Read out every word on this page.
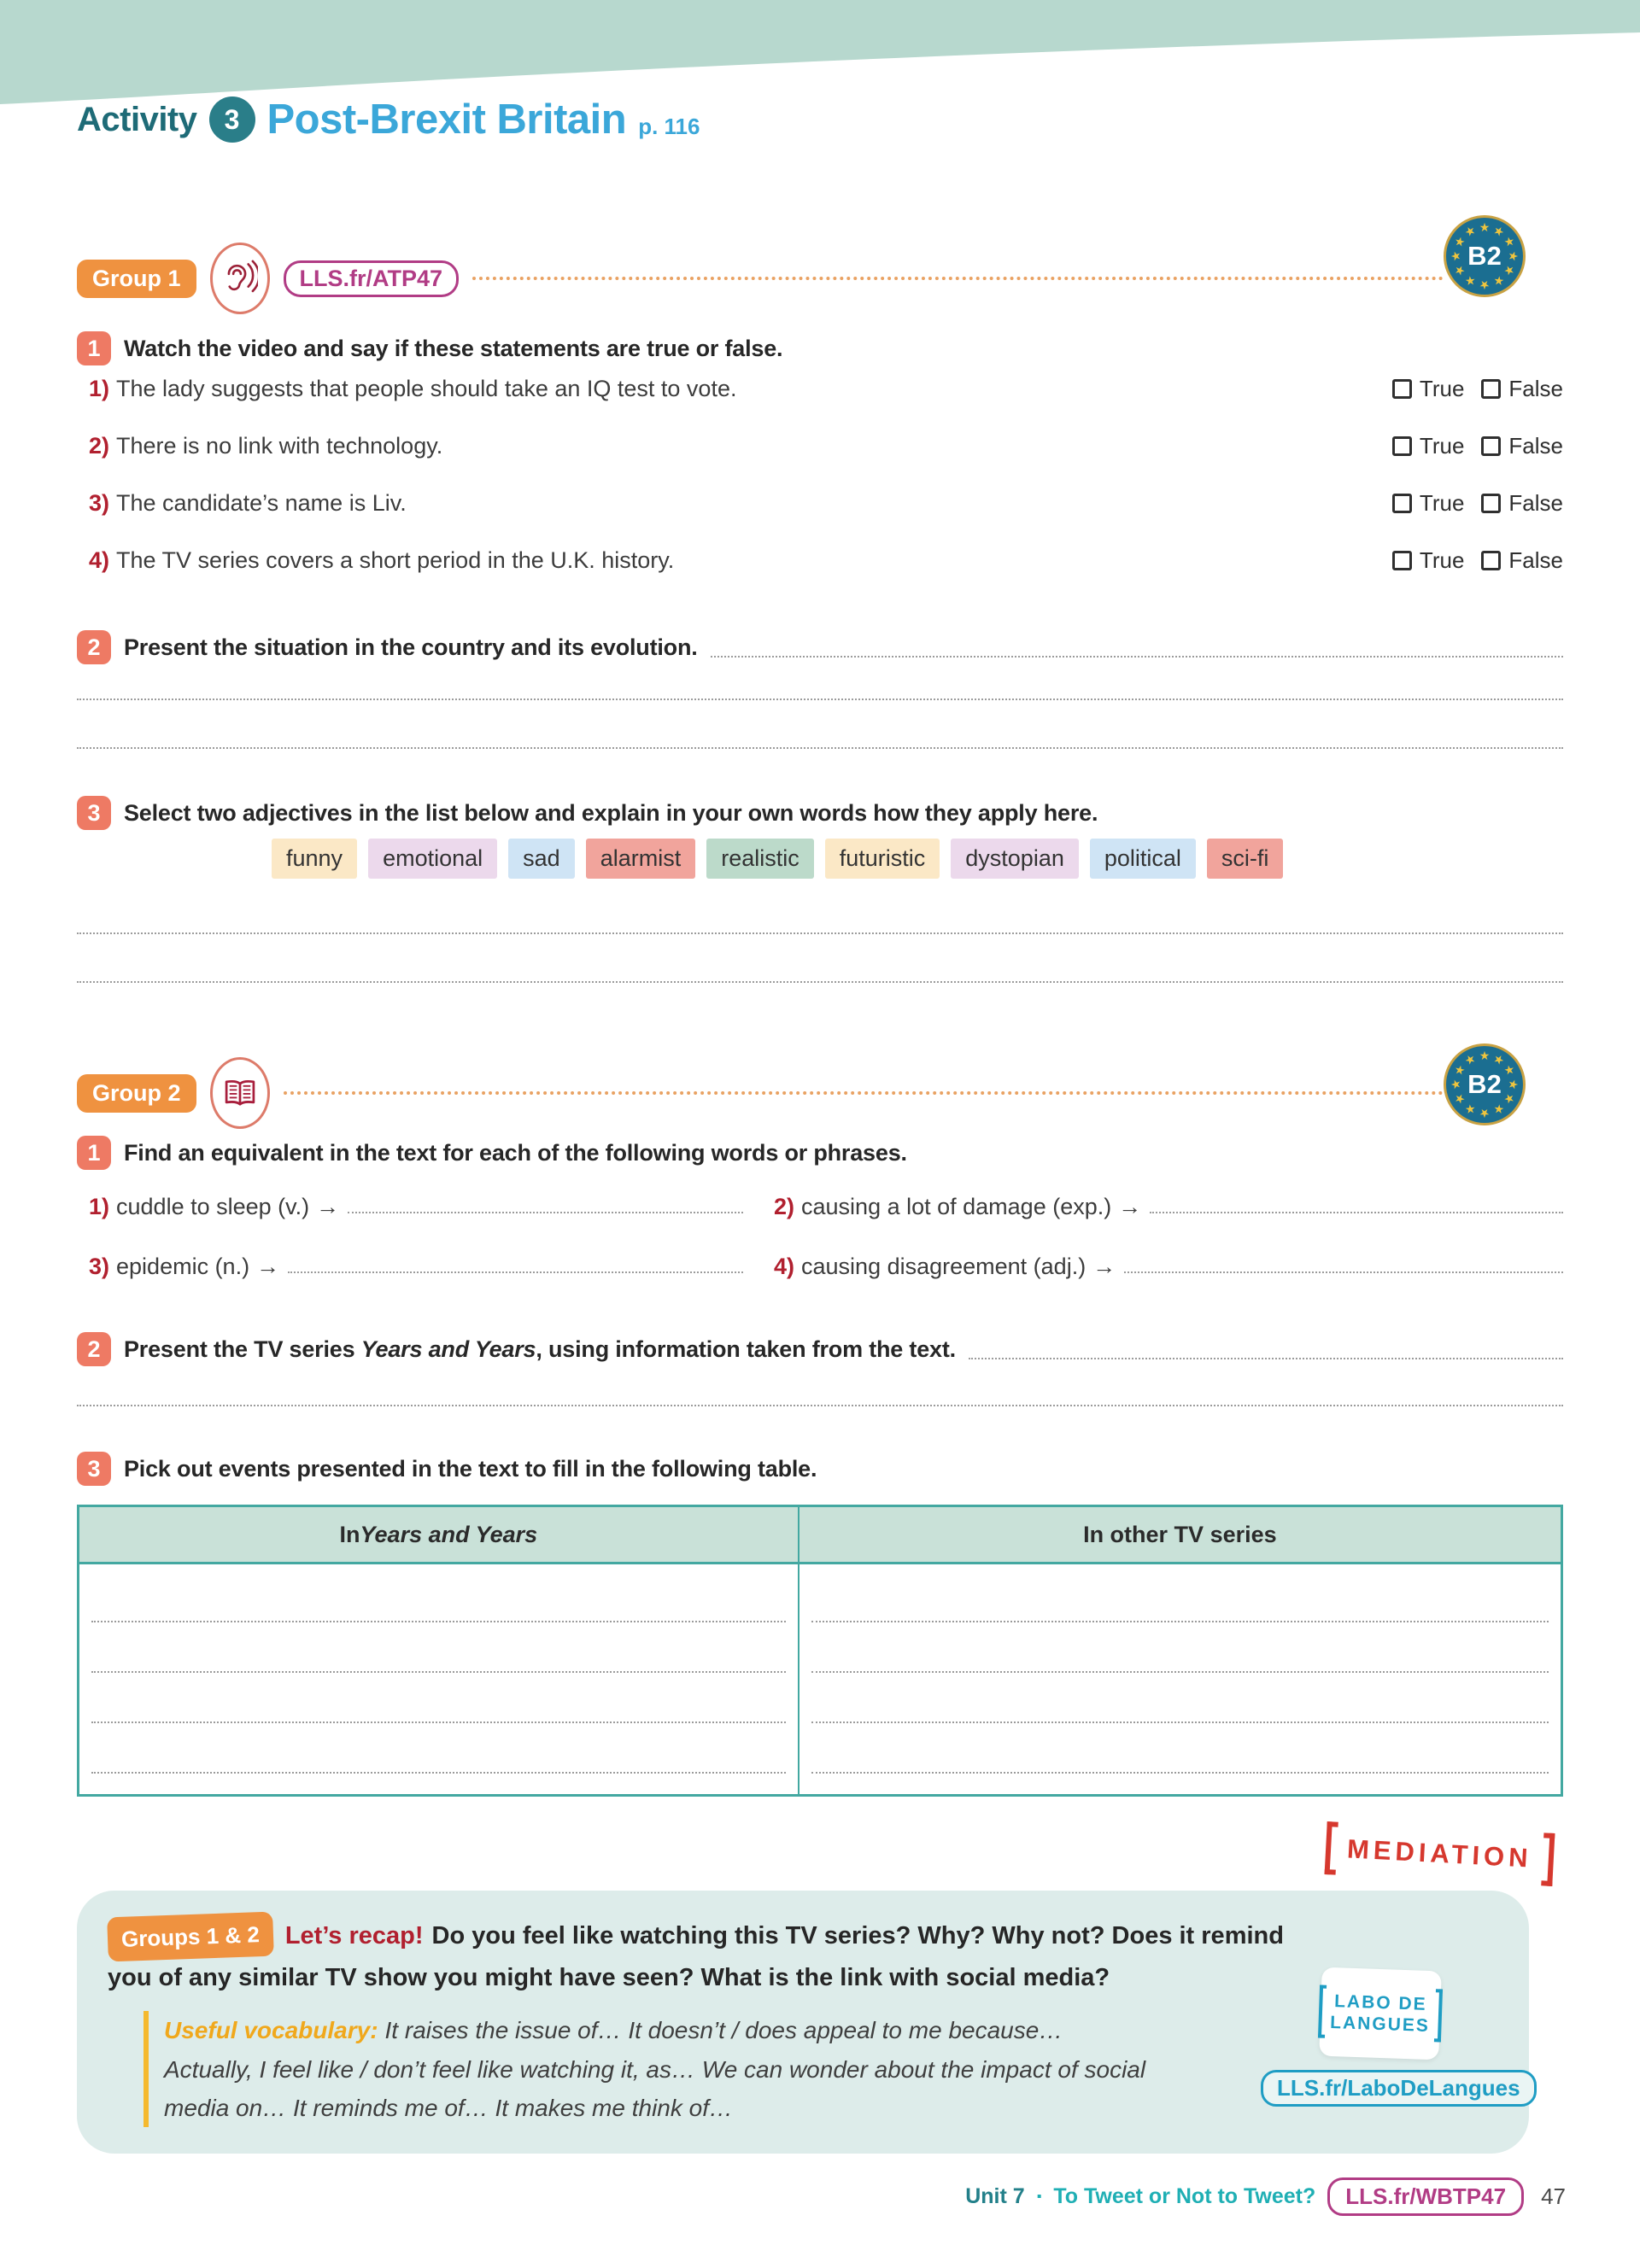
Activity	3 Post-Brexit Britain p. 116
Group 1	LLS.fr/ATP47
B2
★ ★
★
★
★
★
★
★
★
★
★
★
1	Watch the video and say if these statements are true or false.
1) The lady suggests that people should take an IQ test to vote.	True False
2) There is no link with technology.	True False
3) The candidate’s name is Liv.	True False
4) The TV series covers a short period in the U.K. history.	True False
2	Present the situation in the country and its evolution.
3	Select two adjectives in the list below and explain in your own words how they apply here.
funny	emotional	sad	alarmist	realistic	futuristic	dystopian	political	sci-fi
Group 2	B2
★ ★
★
★
★
★
★
★
★
★
★
★
1	Find an equivalent in the text for each of the following words or phrases.
1) cuddle to sleep (v.) →	2) causing a lot of damage (exp.) →
3) epidemic (n.) →	4) causing disagreement (adj.) →
2	Present the TV series Years and Years, using information taken from the text.
3	Pick out events presented in the text to fill in the following table.
In Years and Years	In other TV series
MEDIATION

Groups 1 & 2 Let’s recap! Do you feel like watching this TV series? Why? Why not? Does it remind you of any similar TV show you might have seen? What is the link with social media?

Useful vocabulary: It raises the issue of… It doesn’t / does appeal to me because…
Actually, I feel like / don’t feel like watching it, as… We can wonder about the impact of social media on… It reminds me of… It makes me think of…
LABO DE
LANGUES
LLS.fr/LaboDeLangues
Unit 7 ▪ To Tweet or Not to Tweet?	LLS.fr/WBTP47	47
